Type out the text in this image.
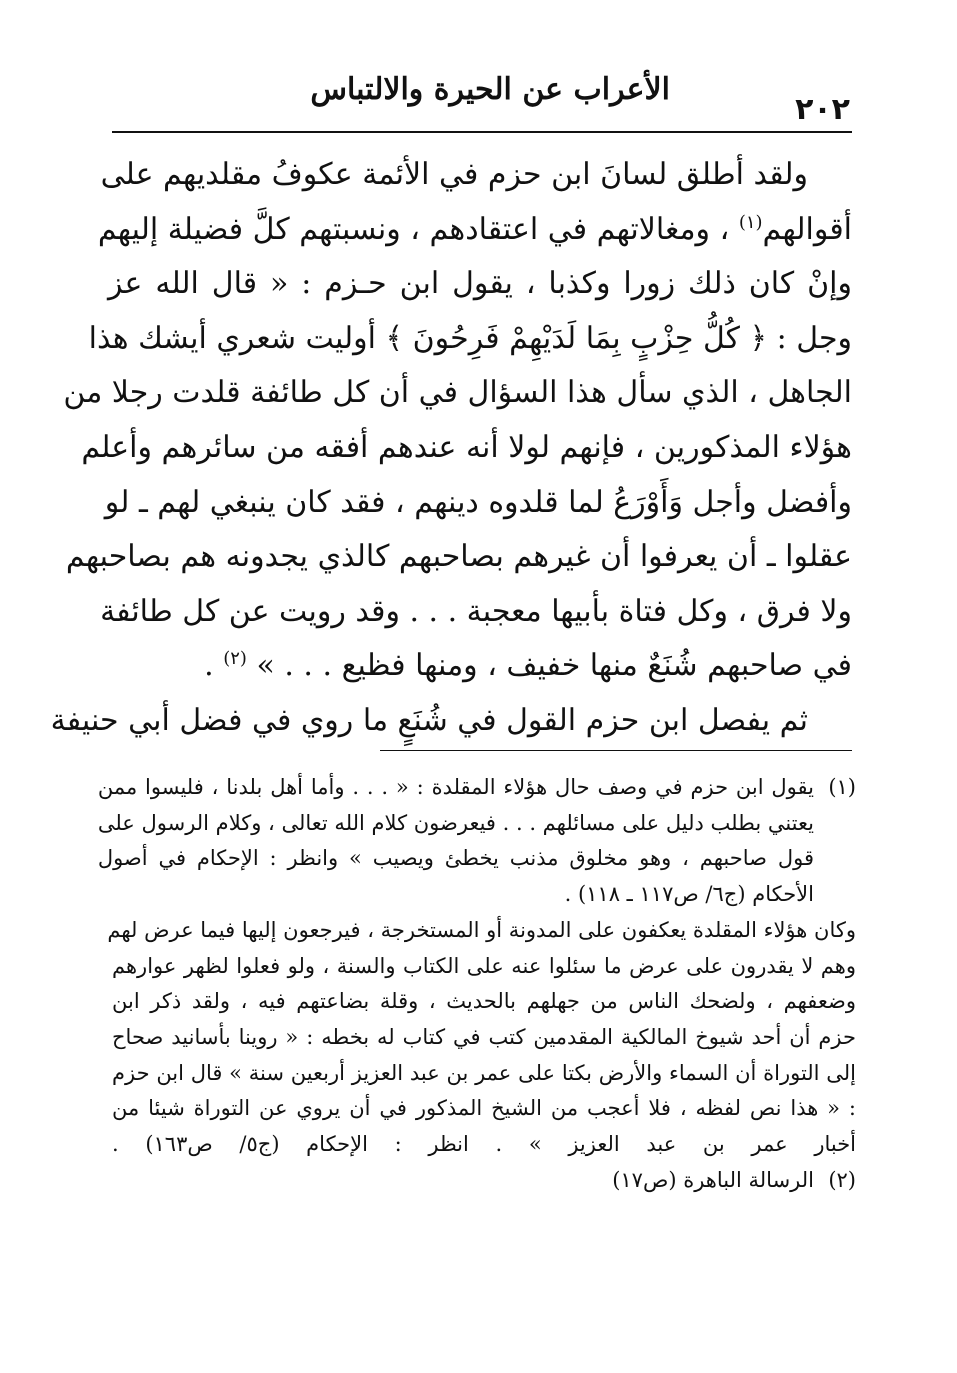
٢٠٢
الأعراب عن الحيرة والالتباس

ولقد أطلق لسانَ ابن حزم في الأئمة عكوفُ مقلديهم على
أقوالهم$^{(١)}$ ، ومغالاتهم في اعتقادهم ، ونسبتهم كلَّ فضيلة إليهم
وإنْ كان ذلك زورا وكذبا ، يقول ابن حـزم : « قال الله عز
وجل : ﴿ كُلُّ حِزْبٍ بِمَا لَدَيْهِمْ فَرِحُونَ ﴾ أوليت شعري أيشك هذا
الجاهل ، الذي سأل هذا السؤال في أن كل طائفة قلدت رجلا من
هؤلاء المذكورين ، فإنهم لولا أنه عندهم أفقه من سائرهم وأعلم
وأفضل وأجل وَأَوْرَعُ لما قلدوه دينهم ، فقد كان ينبغي لهم ـ لو
عقلوا ـ أن يعرفوا أن غيرهم بصاحبهم كالذي يجدونه هم بصاحبهم
ولا فرق ، وكل فتاة بأبيها معجبة . . . وقد رويت عن كل طائفة
في صاحبهم شُنَعٌ منها خفيف ، ومنها فظيع . . . » $^{(٢)}$ .

ثم يفصل ابن حزم القول في شُنَعٍ ما روي في فضل أبي حنيفة

(١)
يقول ابن حزم في وصف حال هؤلاء المقلدة : « . . . وأما أهل بلدنا ، فليسوا ممن
يعتني بطلب دليل على مسائلهم . . . فيعرضون كلام الله تعالى ، وكلام الرسول على
قول صاحبهم ، وهو مخلوق مذنب يخطئ ويصيب » وانظر : الإحكام في أصول
الأحكام (ج٦/ ص١١٧ ـ ١١٨) .
وكان هؤلاء المقلدة يعكفون على المدونة أو المستخرجة ، فيرجعون إليها فيما عرض لهم
وهم لا يقدرون على عرض ما سئلوا عنه على الكتاب والسنة ، ولو فعلوا لظهر عوارهم
وضعفهم ، ولضحك الناس من جهلهم بالحديث ، وقلة بضاعتهم فيه ، ولقد ذكر ابن
حزم أن أحد شيوخ المالكية المقدمين كتب في كتاب له بخطه : « روينا بأسانيد صحاح
إلى التوراة أن السماء والأرض بكتا على عمر بن عبد العزيز أربعين سنة » قال ابن حزم
: « هذا نص لفظه ، فلا أعجب من الشيخ المذكور في أن يروي عن التوراة شيئا من
أخبار عمر بن عبد العزيز » . انظر : الإحكام (ج٥/ ص١٦٣) .
(٢)
الرسالة الباهرة (ص١٧)
